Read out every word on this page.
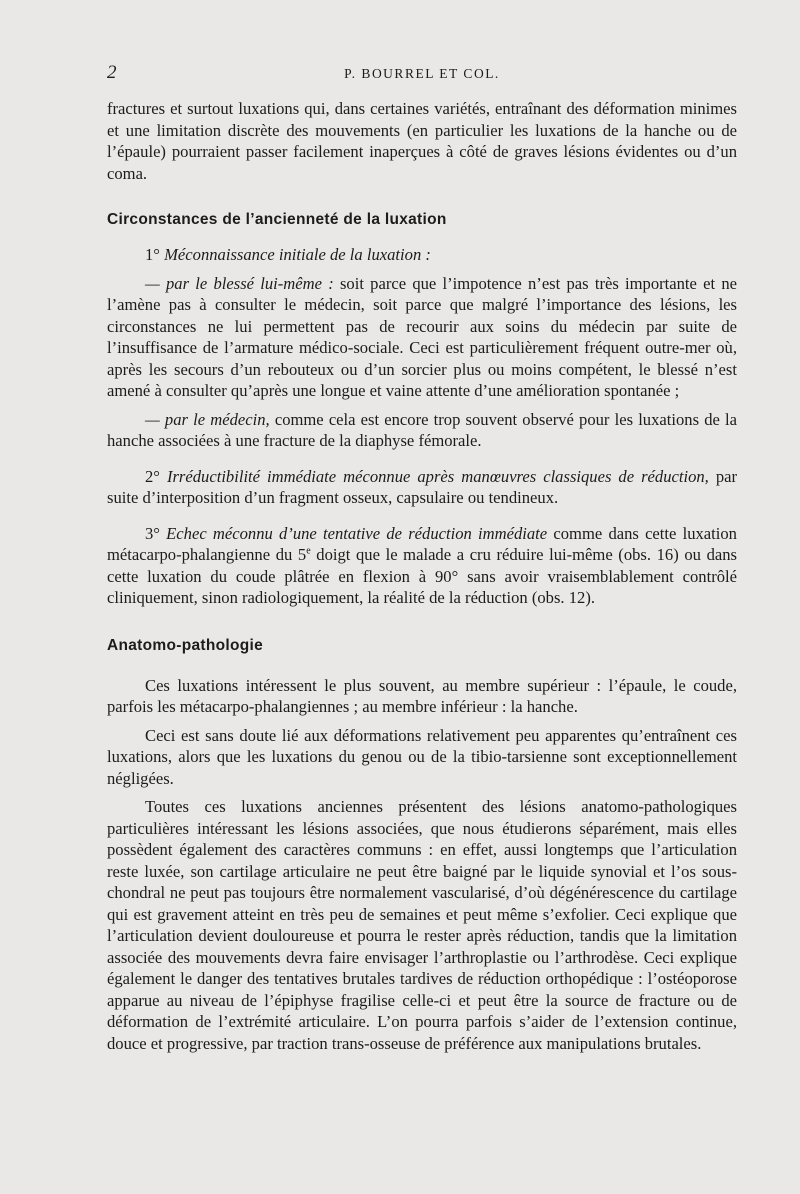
2	P. BOURREL ET COL.

fractures et surtout luxations qui, dans certaines variétés, entraînant des déformation minimes et une limitation discrète des mouvements (en particulier les luxations de la hanche ou de l’épaule) pourraient passer facilement inaperçues à côté de graves lésions évidentes ou d’un coma.

Circonstances de l’ancienneté de la luxation

1° Méconnaissance initiale de la luxation :

— par le blessé lui-même : soit parce que l’impotence n’est pas très importante et ne l’amène pas à consulter le médecin, soit parce que malgré l’importance des lésions, les circonstances ne lui permettent pas de recourir aux soins du médecin par suite de l’insuffisance de l’armature médico-sociale. Ceci est particulièrement fréquent outre-mer où, après les secours d’un rebouteux ou d’un sorcier plus ou moins compétent, le blessé n’est amené à consulter qu’après une longue et vaine attente d’une amélioration spontanée ;

— par le médecin, comme cela est encore trop souvent observé pour les luxations de la hanche associées à une fracture de la diaphyse fémorale.

2° Irréductibilité immédiate méconnue après manœuvres classiques de réduction, par suite d’interposition d’un fragment osseux, capsulaire ou tendineux.

3° Echec méconnu d’une tentative de réduction immédiate comme dans cette luxation métacarpo-phalangienne du 5e doigt que le malade a cru réduire lui-même (obs. 16) ou dans cette luxation du coude plâtrée en flexion à 90° sans avoir vraisemblablement contrôlé cliniquement, sinon radiologiquement, la réalité de la réduction (obs. 12).

Anatomo-pathologie

Ces luxations intéressent le plus souvent, au membre supérieur : l’épaule, le coude, parfois les métacarpo-phalangiennes ; au membre inférieur : la hanche.

Ceci est sans doute lié aux déformations relativement peu apparentes qu’entraînent ces luxations, alors que les luxations du genou ou de la tibio-tarsienne sont exceptionnellement négligées.

Toutes ces luxations anciennes présentent des lésions anatomo-pathologiques particulières intéressant les lésions associées, que nous étudierons séparément, mais elles possèdent également des caractères communs : en effet, aussi longtemps que l’articulation reste luxée, son cartilage articulaire ne peut être baigné par le liquide synovial et l’os sous-chondral ne peut pas toujours être normalement vascularisé, d’où dégénérescence du cartilage qui est gravement atteint en très peu de semaines et peut même s’exfolier. Ceci explique que l’articulation devient douloureuse et pourra le rester après réduction, tandis que la limitation associée des mouvements devra faire envisager l’arthroplastie ou l’arthrodèse. Ceci explique également le danger des tentatives brutales tardives de réduction orthopédique : l’ostéoporose apparue au niveau de l’épiphyse fragilise celle-ci et peut être la source de fracture ou de déformation de l’extrémité articulaire. L’on pourra parfois s’aider de l’extension continue, douce et progressive, par traction trans-osseuse de préférence aux manipulations brutales.
